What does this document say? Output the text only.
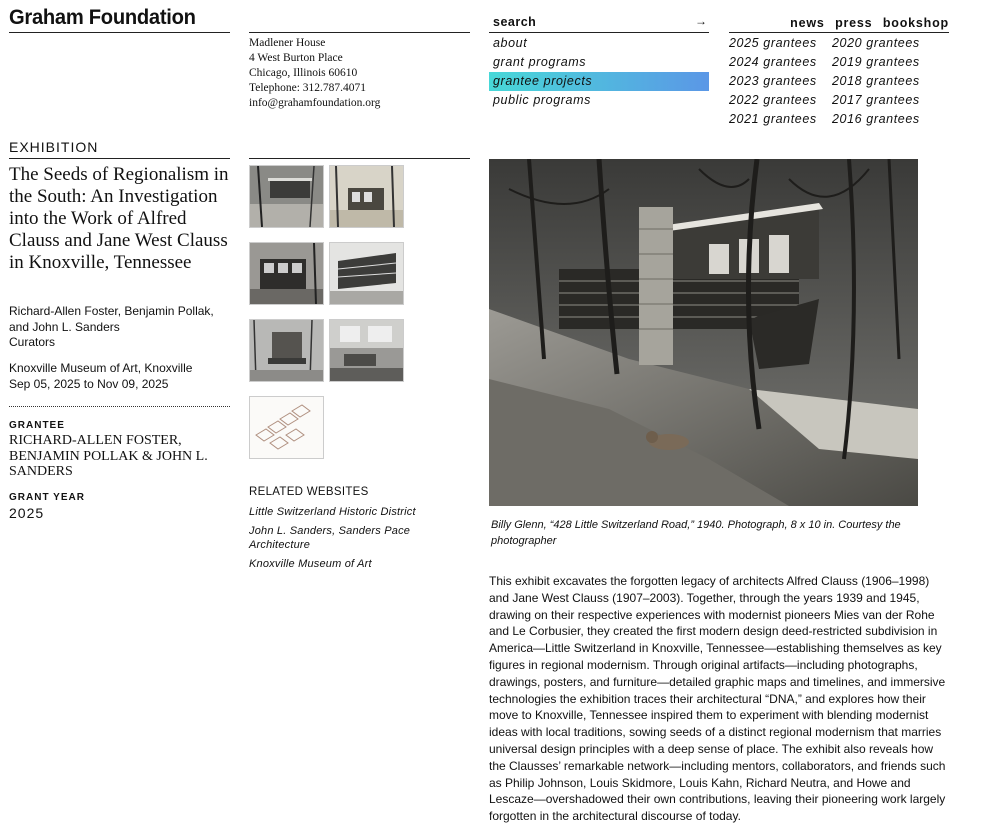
Graham Foundation
Madlener House
4 West Burton Place
Chicago, Illinois 60610
Telephone: 312.787.4071
info@grahamfoundation.org
search	→
about
grant programs
grantee projects
public programs
news press bookshop
2025 grantees 2020 grantees
2024 grantees 2019 grantees
2023 grantees 2018 grantees
2022 grantees 2017 grantees
2021 grantees 2016 grantees
EXHIBITION
The Seeds of Regionalism in the South: An Investigation into the Work of Alfred Clauss and Jane West Clauss in Knoxville, Tennessee
Richard-Allen Foster, Benjamin Pollak, and John L. Sanders
Curators
Knoxville Museum of Art, Knoxville
Sep 05, 2025 to Nov 09, 2025
GRANTEE
RICHARD-ALLEN FOSTER, BENJAMIN POLLAK & JOHN L. SANDERS
GRANT YEAR
2025
RELATED WEBSITES
Little Switzerland Historic District
John L. Sanders, Sanders Pace Architecture
Knoxville Museum of Art
Billy Glenn, “428 Little Switzerland Road,” 1940. Photograph, 8 x 10 in. Courtesy the photographer
This exhibit excavates the forgotten legacy of architects Alfred Clauss (1906–1998) and Jane West Clauss (1907–2003). Together, through the years 1939 and 1945, drawing on their respective experiences with modernist pioneers Mies van der Rohe and Le Corbusier, they created the first modern design deed-restricted subdivision in America—Little Switzerland in Knoxville, Tennessee—establishing themselves as key figures in regional modernism. Through original artifacts—including photographs, drawings, posters, and furniture—detailed graphic maps and timelines, and immersive technologies the exhibition traces their architectural “DNA,” and explores how their move to Knoxville, Tennessee inspired them to experiment with blending modernist ideas with local traditions, sowing seeds of a distinct regional modernism that marries universal design principles with a deep sense of place. The exhibit also reveals how the Clausses’ remarkable network—including mentors, collaborators, and friends such as Philip Johnson, Louis Skidmore, Louis Kahn, Richard Neutra, and Howe and Lescaze—overshadowed their own contributions, leaving their pioneering work largely forgotten in the architectural discourse of today.
